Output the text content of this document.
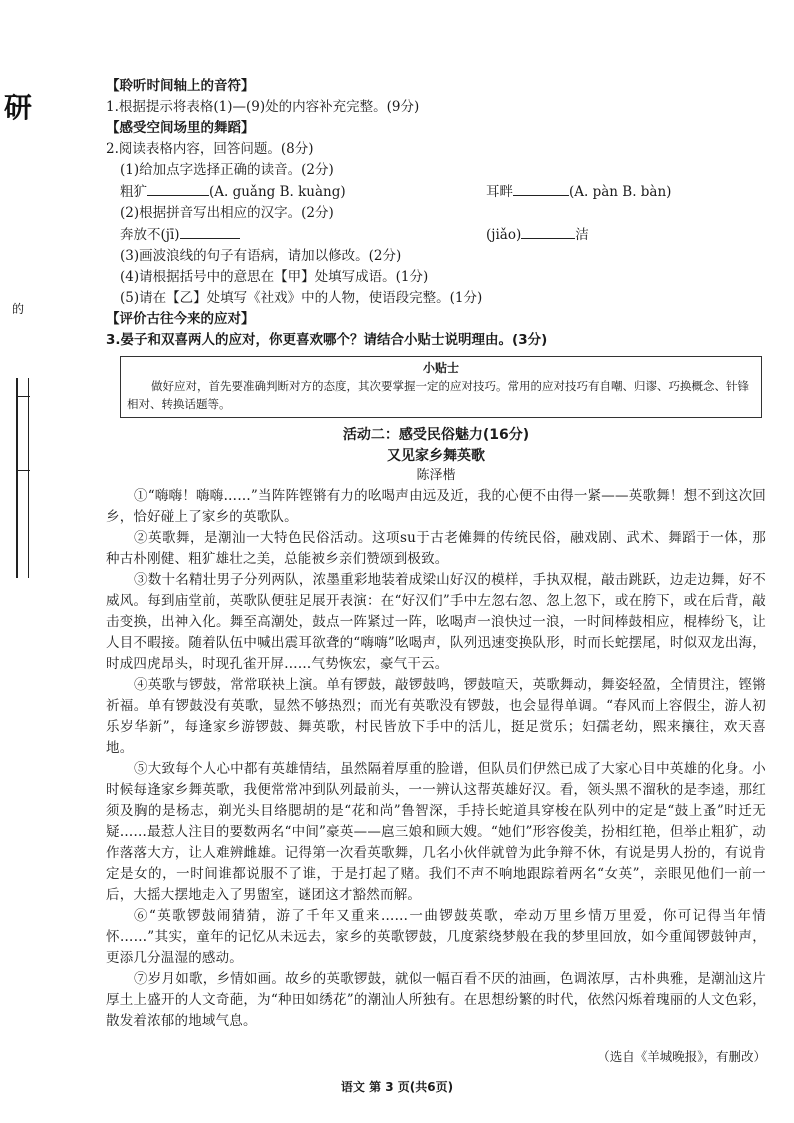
研
的

【聆听时间轴上的音符】

1.根据提示将表格(1)—(9)处的内容补充完整。(9分)

【感受空间场里的舞蹈】

2.阅读表格内容，回答问题。(8分)

(1)给加点字选择正确的读音。(2分)

粗犷	(A. guǎng B. kuàng)	耳畔	(A. pàn B. bàn)

(2)根据拼音写出相应的汉字。(2分)

奔放不(jī)	(jiǎo)	洁

(3)画波浪线的句子有语病，请加以修改。(2分)

(4)请根据括号中的意思在【甲】处填写成语。(1分)

(5)请在【乙】处填写《社戏》中的人物，使语段完整。(1分)

【评价古往今来的应对】

3.晏子和双喜两人的应对，你更喜欢哪个？请结合小贴士说明理由。(3分)

小贴士

做好应对，首先要准确判断对方的态度，其次要掌握一定的应对技巧。常用的应对技巧有自嘲、归谬、巧换概念、针锋相对、转换话题等。

活动二：感受民俗魅力(16分)

又见家乡舞英歌

陈泽楷

①“嗨嗨！嗨嗨……”当阵阵铿锵有力的吆喝声由远及近，我的心便不由得一紧——英歌舞！想不到这次回乡，恰好碰上了家乡的英歌队。

②英歌舞，是潮汕一大特色民俗活动。这项su于古老傩舞的传统民俗，融戏剧、武术、舞蹈于一体，那种古朴刚健、粗犷雄壮之美，总能被乡亲们赞颂到极致。

③数十名精壮男子分列两队，浓墨重彩地装着成梁山好汉的模样，手执双棍，敲击跳跃，边走边舞，好不威风。每到庙堂前，英歌队便驻足展开表演：在“好汉们”手中左忽右忽、忽上忽下，或在胯下，或在后背，敲击变换，出神入化。舞至高潮处，鼓点一阵紧过一阵，吆喝声一浪快过一浪，一时间棒鼓相应，棍棒纷飞，让人目不暇接。随着队伍中喊出震耳欲聋的“嗨嗨”吆喝声，队列迅速变换队形，时而长蛇摆尾，时似双龙出海，时成四虎昂头，时现孔雀开屏……气势恢宏，豪气干云。

④英歌与锣鼓，常常联袂上演。单有锣鼓，敲锣鼓鸣，锣鼓喧天，英歌舞动，舞姿轻盈，全情贯注，铿锵祈福。单有锣鼓没有英歌，显然不够热烈；而光有英歌没有锣鼓，也会显得单调。“春风而上容假尘，游人初乐岁华新”，每逢家乡游锣鼓、舞英歌，村民皆放下手中的活儿，挺足赏乐；妇孺老幼，熙来攘往，欢天喜地。

⑤大致每个人心中都有英雄情结，虽然隔着厚重的脸谱，但队员们伊然已成了大家心目中英雄的化身。小时候每逢家乡舞英歌，我便常常冲到队列最前头，一一辨认这帮英雄好汉。看，领头黑不溜秋的是李逵，那红须及胸的是杨志，剃光头目络腮胡的是“花和尚”鲁智深，手持长蛇道具穿梭在队列中的定是“鼓上蚤”时迁无疑……最惹人注目的要数两名“中间”豪英——扈三娘和顾大嫂。“她们”形容俊美，扮相红艳，但举止粗犷，动作落落大方，让人难辨雌雄。记得第一次看英歌舞，几名小伙伴就曾为此争辩不休，有说是男人扮的，有说肯定是女的，一时间谁都说服不了谁，于是打起了赌。我们不声不响地跟踪着两名“女英”，亲眼见他们一前一后，大摇大摆地走入了男盥室，谜团这才豁然而解。

⑥“英歌锣鼓闹猜猜，游了千年又重来……一曲锣鼓英歌，牵动万里乡情万里爱，你可记得当年情怀……”其实，童年的记忆从未远去，家乡的英歌锣鼓，几度萦绕梦般在我的梦里回放，如今重闻锣鼓钟声，更添几分温湿的感动。

⑦岁月如歌，乡情如画。故乡的英歌锣鼓，就似一幅百看不厌的油画，色调浓厚，古朴典雅，是潮汕这片厚土上盛开的人文奇葩，为“种田如绣花”的潮汕人所独有。在思想纷繁的时代，依然闪烁着瑰丽的人文色彩，散发着浓郁的地域气息。

（选自《羊城晚报》，有删改）
语文 第 3 页(共6页)
